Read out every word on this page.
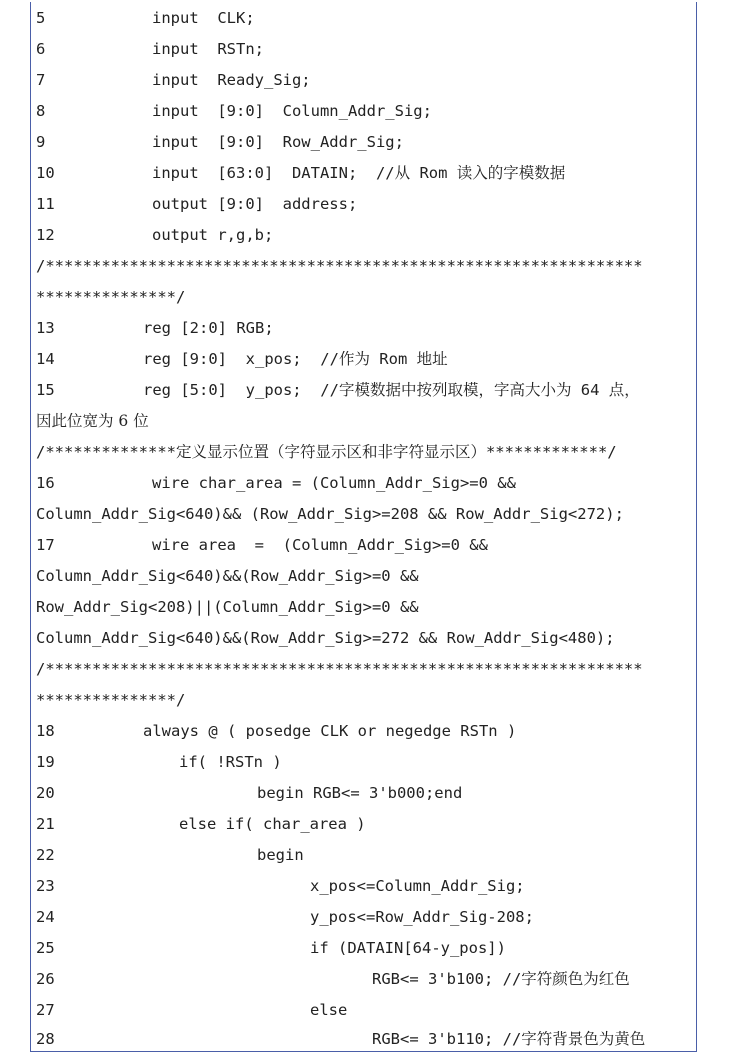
5	input  CLK;
6	input  RSTn;
7	input  Ready_Sig;
8	input  [9:0]  Column_Addr_Sig;
9	input  [9:0]  Row_Addr_Sig;
10	input  [63:0]  DATAIN;  //从 Rom 读入的字模数据
11	output [9:0]  address;
12	output r,g,b;
/****************************************************************
***************/
13	reg [2:0] RGB;
14	reg [9:0]  x_pos;  //作为 Rom 地址
15	reg [5:0]  y_pos;  //字模数据中按列取模，字高大小为 64 点，
因此位宽为 6 位
/**************定义显示位置（字符显示区和非字符显示区）*************/
16	wire char_area = (Column_Addr_Sig>=0 &&
Column_Addr_Sig<640)&& (Row_Addr_Sig>=208 && Row_Addr_Sig<272);
17	wire area  =  (Column_Addr_Sig>=0 &&
Column_Addr_Sig<640)&&(Row_Addr_Sig>=0 &&
Row_Addr_Sig<208)||(Column_Addr_Sig>=0 &&
Column_Addr_Sig<640)&&(Row_Addr_Sig>=272 && Row_Addr_Sig<480);
/****************************************************************
***************/
18	always @ ( posedge CLK or negedge RSTn )
19	if( !RSTn )
20	begin RGB<= 3'b000;end
21	else if( char_area )
22	begin
23	x_pos<=Column_Addr_Sig;
24	y_pos<=Row_Addr_Sig-208;
25	if (DATAIN[64-y_pos])
26	RGB<= 3'b100; //字符颜色为红色
27	else
28	RGB<= 3'b110; //字符背景色为黄色
